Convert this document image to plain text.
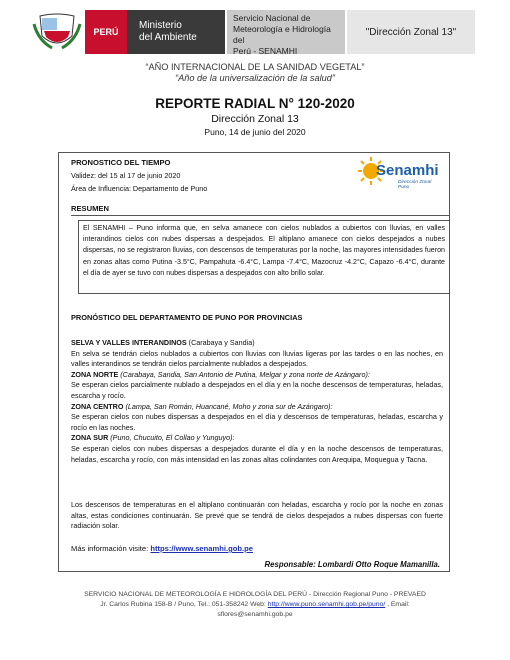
PERÚ
Ministerio
del Ambiente
Servicio Nacional de
Meteorología e Hidrología del
Perú - SENAMHI
"Dirección Zonal 13"
“AÑO INTERNACIONAL DE LA SANIDAD VEGETAL”
“Año de la universalización de la salud”
REPORTE RADIAL N° 120-2020
Dirección Zonal 13
Puno, 14 de junio del 2020
PRONOSTICO DEL TIEMPO
Validez: del 15 al 17 de junio 2020
Área de Influencia: Departamento de Puno
Senamhi
Dirección Zonal Puno
RESUMEN
El SENAMHI – Puno informa que, en selva amanece con cielos nublados a cubiertos con lluvias, en valles interandinos cielos con nubes dispersas a despejados. El altiplano amanece con cielos despejados a nubes dispersas, no se registraron lluvias, con descensos de temperaturas por la noche, las mayores intensidades fueron en zonas altas como Putina -3.5°C, Pampahuta -6.4°C, Lampa -7.4°C, Mazocruz -4.2°C, Capazo -6.4°C, durante el día de ayer se tuvo con nubes dispersas a despejados con alto brillo solar.
PRONÓSTICO DEL DEPARTAMENTO DE PUNO POR PROVINCIAS
SELVA Y VALLES INTERANDINOS (Carabaya y Sandia)
En selva se tendrán cielos nublados a cubiertos con lluvias con lluvias ligeras por las tardes o en las noches, en valles interandinos se tendrán cielos parcialmente nublados a despejados.
ZONA NORTE (Carabaya, Sandia, San Antonio de Putina, Melgar y zona norte de Azángaro):
Se esperan cielos parcialmente nublado a despejados en el día y en la noche descensos de temperaturas, heladas, escarcha y rocío.
ZONA CENTRO (Lampa, San Román, Huancané, Moho y zona sur de Azángaro):
Se esperan cielos con nubes dispersas a despejados en el día y descensos de temperaturas, heladas, escarcha y rocío en las noches.
ZONA SUR (Puno, Chucuito, El Collao y Yunguyo):
Se esperan cielos con nubes dispersas a despejados durante el día y en la noche descensos de temperaturas, heladas, escarcha y rocío, con más intensidad en las zonas altas colindantes con Arequipa, Moquegua y Tacna.
Los descensos de temperaturas en el altiplano continuarán con heladas, escarcha y rocío por la noche en zonas altas, estas condiciones continuarán. Se prevé que se tendrá de cielos despejados a nubes dispersas con fuerte radiación solar.
Más información visite: https://www.senamhi.gob.pe
Responsable: Lombardi Otto Roque Mamanilla.
SERVICIO NACIONAL DE METEOROLOGÍA E HIDROLOGÍA DEL PERÚ - Dirección Regional Puno - PREVAED
Jr. Carlos Rubina 158-B / Puno, Tel.: 051-358242 Web: http://www.puno.senamhi.gob.pe/puno/ , Email:
sflores@senamhi.gob.pe
